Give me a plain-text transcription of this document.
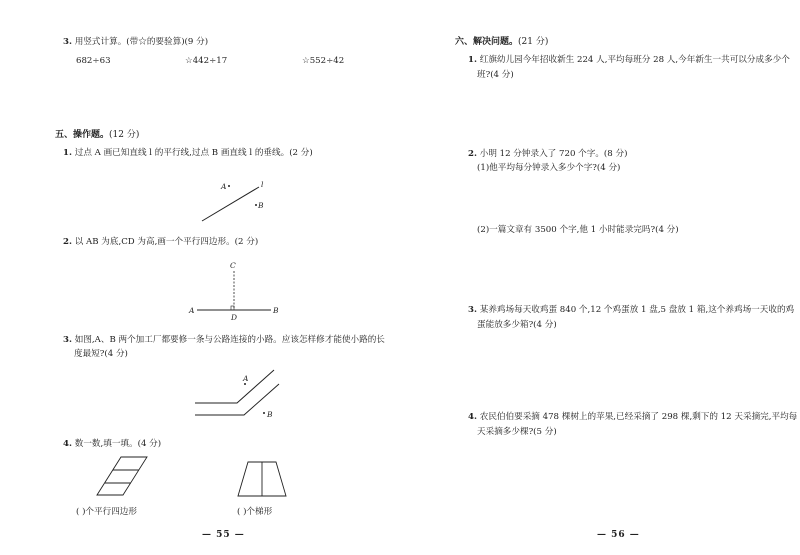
3. 用竖式计算。(带☆的要验算)(9 分)
682÷63	☆442÷17	☆552÷42
五、操作题。(12 分)
1. 过点 A 画已知直线 l 的平行线,过点 B 画直线 l 的垂线。(2 分)
A	l
B
2. 以 AB 为底,CD 为高,画一个平行四边形。(2 分)
C
A
D
B
3. 如图,A、B 两个加工厂都要修一条与公路连接的小路。应该怎样修才能使小路的长
度最短?(4 分)
A
B
4. 数一数,填一填。(4 分)
( )个平行四边形	( )个梯形
— 55 —
六、解决问题。(21 分)
1. 红旗幼儿园今年招收新生 224 人,平均每班分 28 人,今年新生一共可以分成多少个
班?(4 分)
2. 小明 12 分钟录入了 720 个字。(8 分)
(1)他平均每分钟录入多少个字?(4 分)
(2)一篇文章有 3500 个字,他 1 小时能录完吗?(4 分)
3. 某养鸡场每天收鸡蛋 840 个,12 个鸡蛋放 1 盘,5 盘放 1 箱,这个养鸡场一天收的鸡
蛋能放多少箱?(4 分)
4. 农民伯伯要采摘 478 棵树上的苹果,已经采摘了 298 棵,剩下的 12 天采摘完,平均每
天采摘多少棵?(5 分)
— 56 —
